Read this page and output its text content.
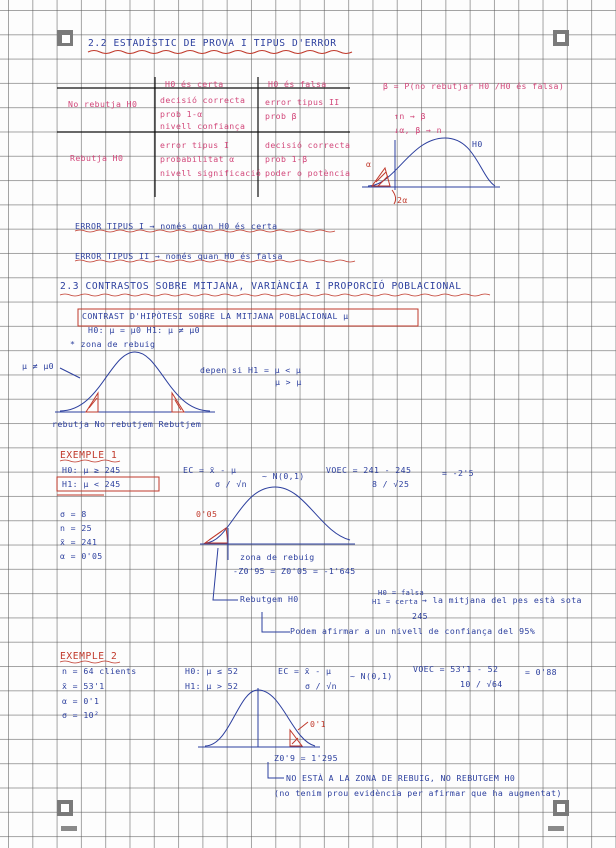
2.2 ESTADÍSTIC DE PROVA I TIPUS D'ERROR
H0 és certa	H0 és falsa
No rebutja H0
Rebutja H0
decisió correcta
prob 1-α
nivell confiança
error tipus II
prob β
error tipus I
probabilitat α
nivell significació
decisió correcta
prob 1-β
poder o potència
β = P(no rebutjar H0 /H0 és falsa)
↑n → β
↓α, β → n
H0
α
2α
ERROR TIPUS I → només quan H0 és certa
ERROR TIPUS II → només quan H0 és falsa
2.3 CONTRASTOS SOBRE MITJANA, VARIÀNCIA I PROPORCIÓ POBLACIONAL
CONTRAST D'HIPÒTESI SOBRE LA MITJANA POBLACIONAL μ
H0: μ = μ0 H1: μ ≠ μ0
* zona de rebuig
μ ≠ μ0	depen si H1 = μ < μ
μ > μ
rebutja No rebutjem Rebutjem
EXEMPLE 1
H0: μ ≥ 245
H1: μ < 245
σ = 8
n = 25
x̄ = 241
α = 0'05
EC = x̄ - μ
σ / √n
~ N(0,1)
VOEC = 241 - 245
8 / √25
= -2'5
0'05
zona de rebuig
-Z0'95 = Z0'05 = -1'645
Rebutgem H0
H0 = falsa
H1 = certa → la mitjana del pes està sota
245
Podem afirmar a un nivell de confiança del 95%
EXEMPLE 2
n = 64 clients
x̄ = 53'1
α = 0'1
σ = 10²
H0: μ ≤ 52
H1: μ > 52
EC = x̄ - μ
σ / √n
~ N(0,1)
VOEC = 53'1 - 52
10 / √64
= 0'88
0'1
Z0'9 = 1'295
NO ESTÀ A LA ZONA DE REBUIG, NO REBUTGEM H0
(no tenim prou evidència per afirmar que ha augmentat)
